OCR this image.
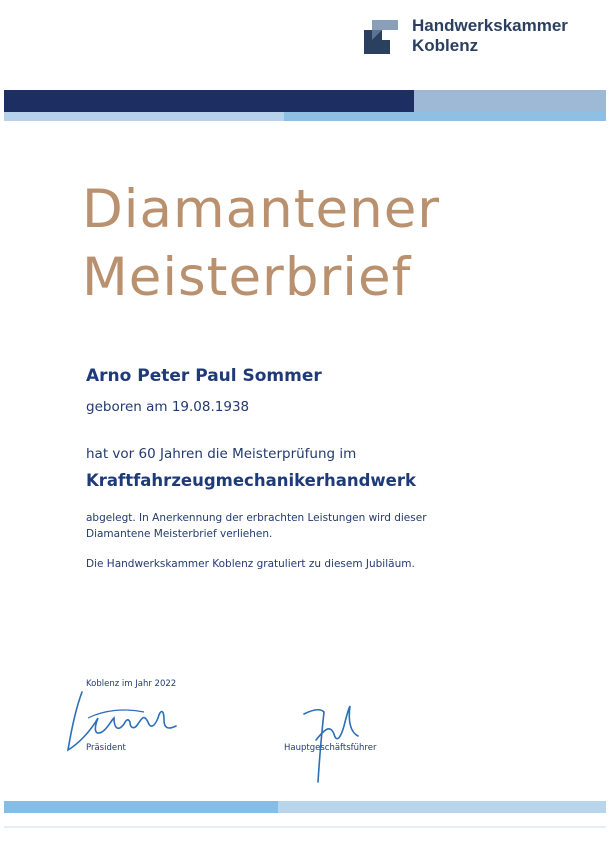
Handwerkskammer
Koblenz
Diamantener
Meisterbrief
Arno Peter Paul Sommer
geboren am 19.08.1938
hat vor 60 Jahren die Meisterprüfung im
Kraftfahrzeugmechanikerhandwerk
abgelegt. In Anerkennung der erbrachten Leistungen wird dieser
Diamantene Meisterbrief verliehen.
Die Handwerkskammer Koblenz gratuliert zu diesem Jubiläum.
Koblenz im Jahr 2022
Präsident	Hauptgeschäftsführer
